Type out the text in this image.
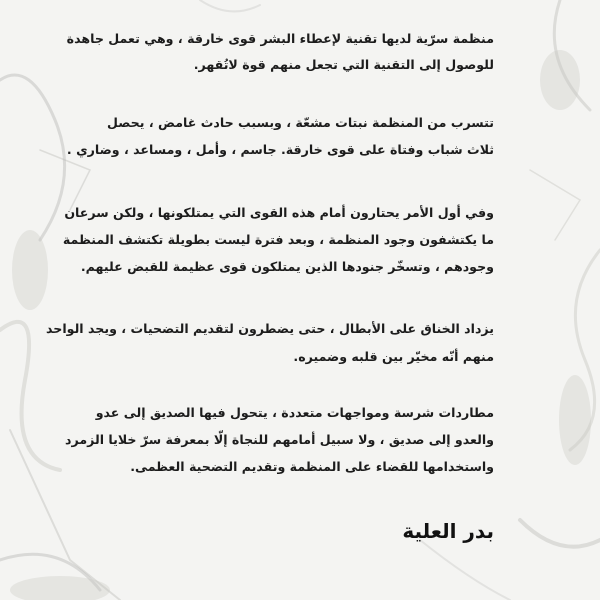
منظمة سرّية لديها تقنية لإعطاء البشر قوى خارقة ، وهي تعمل جاهدة
للوصول إلى التقنية التي تجعل منهم قوة لاتُقهر.
تتسرب من المنظمة نبتات مشعّة ، وبسبب حادث غامض ، يحصل
ثلاث شباب وفتاة على قوى خارقة. جاسم ، وأمل ، ومساعد ، وضاري .
وفي أول الأمر يحتارون أمام هذه القوى التي يمتلكونها ، ولكن سرعان
ما يكتشفون وجود المنظمة ، وبعد فترة ليست بطويلة تكتشف المنظمة
وجودهم ، وتسخّر جنودها الذين يمتلكون قوى عظيمة للقبض عليهم.
يزداد الخناق على الأبطال ، حتى يضطرون لتقديم التضحيات ، ويجد الواحد
منهم أنّه مخيّر بين قلبه وضميره.
مطاردات شرسة ومواجهات متعددة ، يتحول فيها الصديق إلى عدو
والعدو إلى صديق ، ولا سبيل أمامهم للنجاة إلّا بمعرفة سرّ خلايا الزمرد
واستخدامها للقضاء على المنظمة وتقديم التضحية العظمى.
بدر العلية
